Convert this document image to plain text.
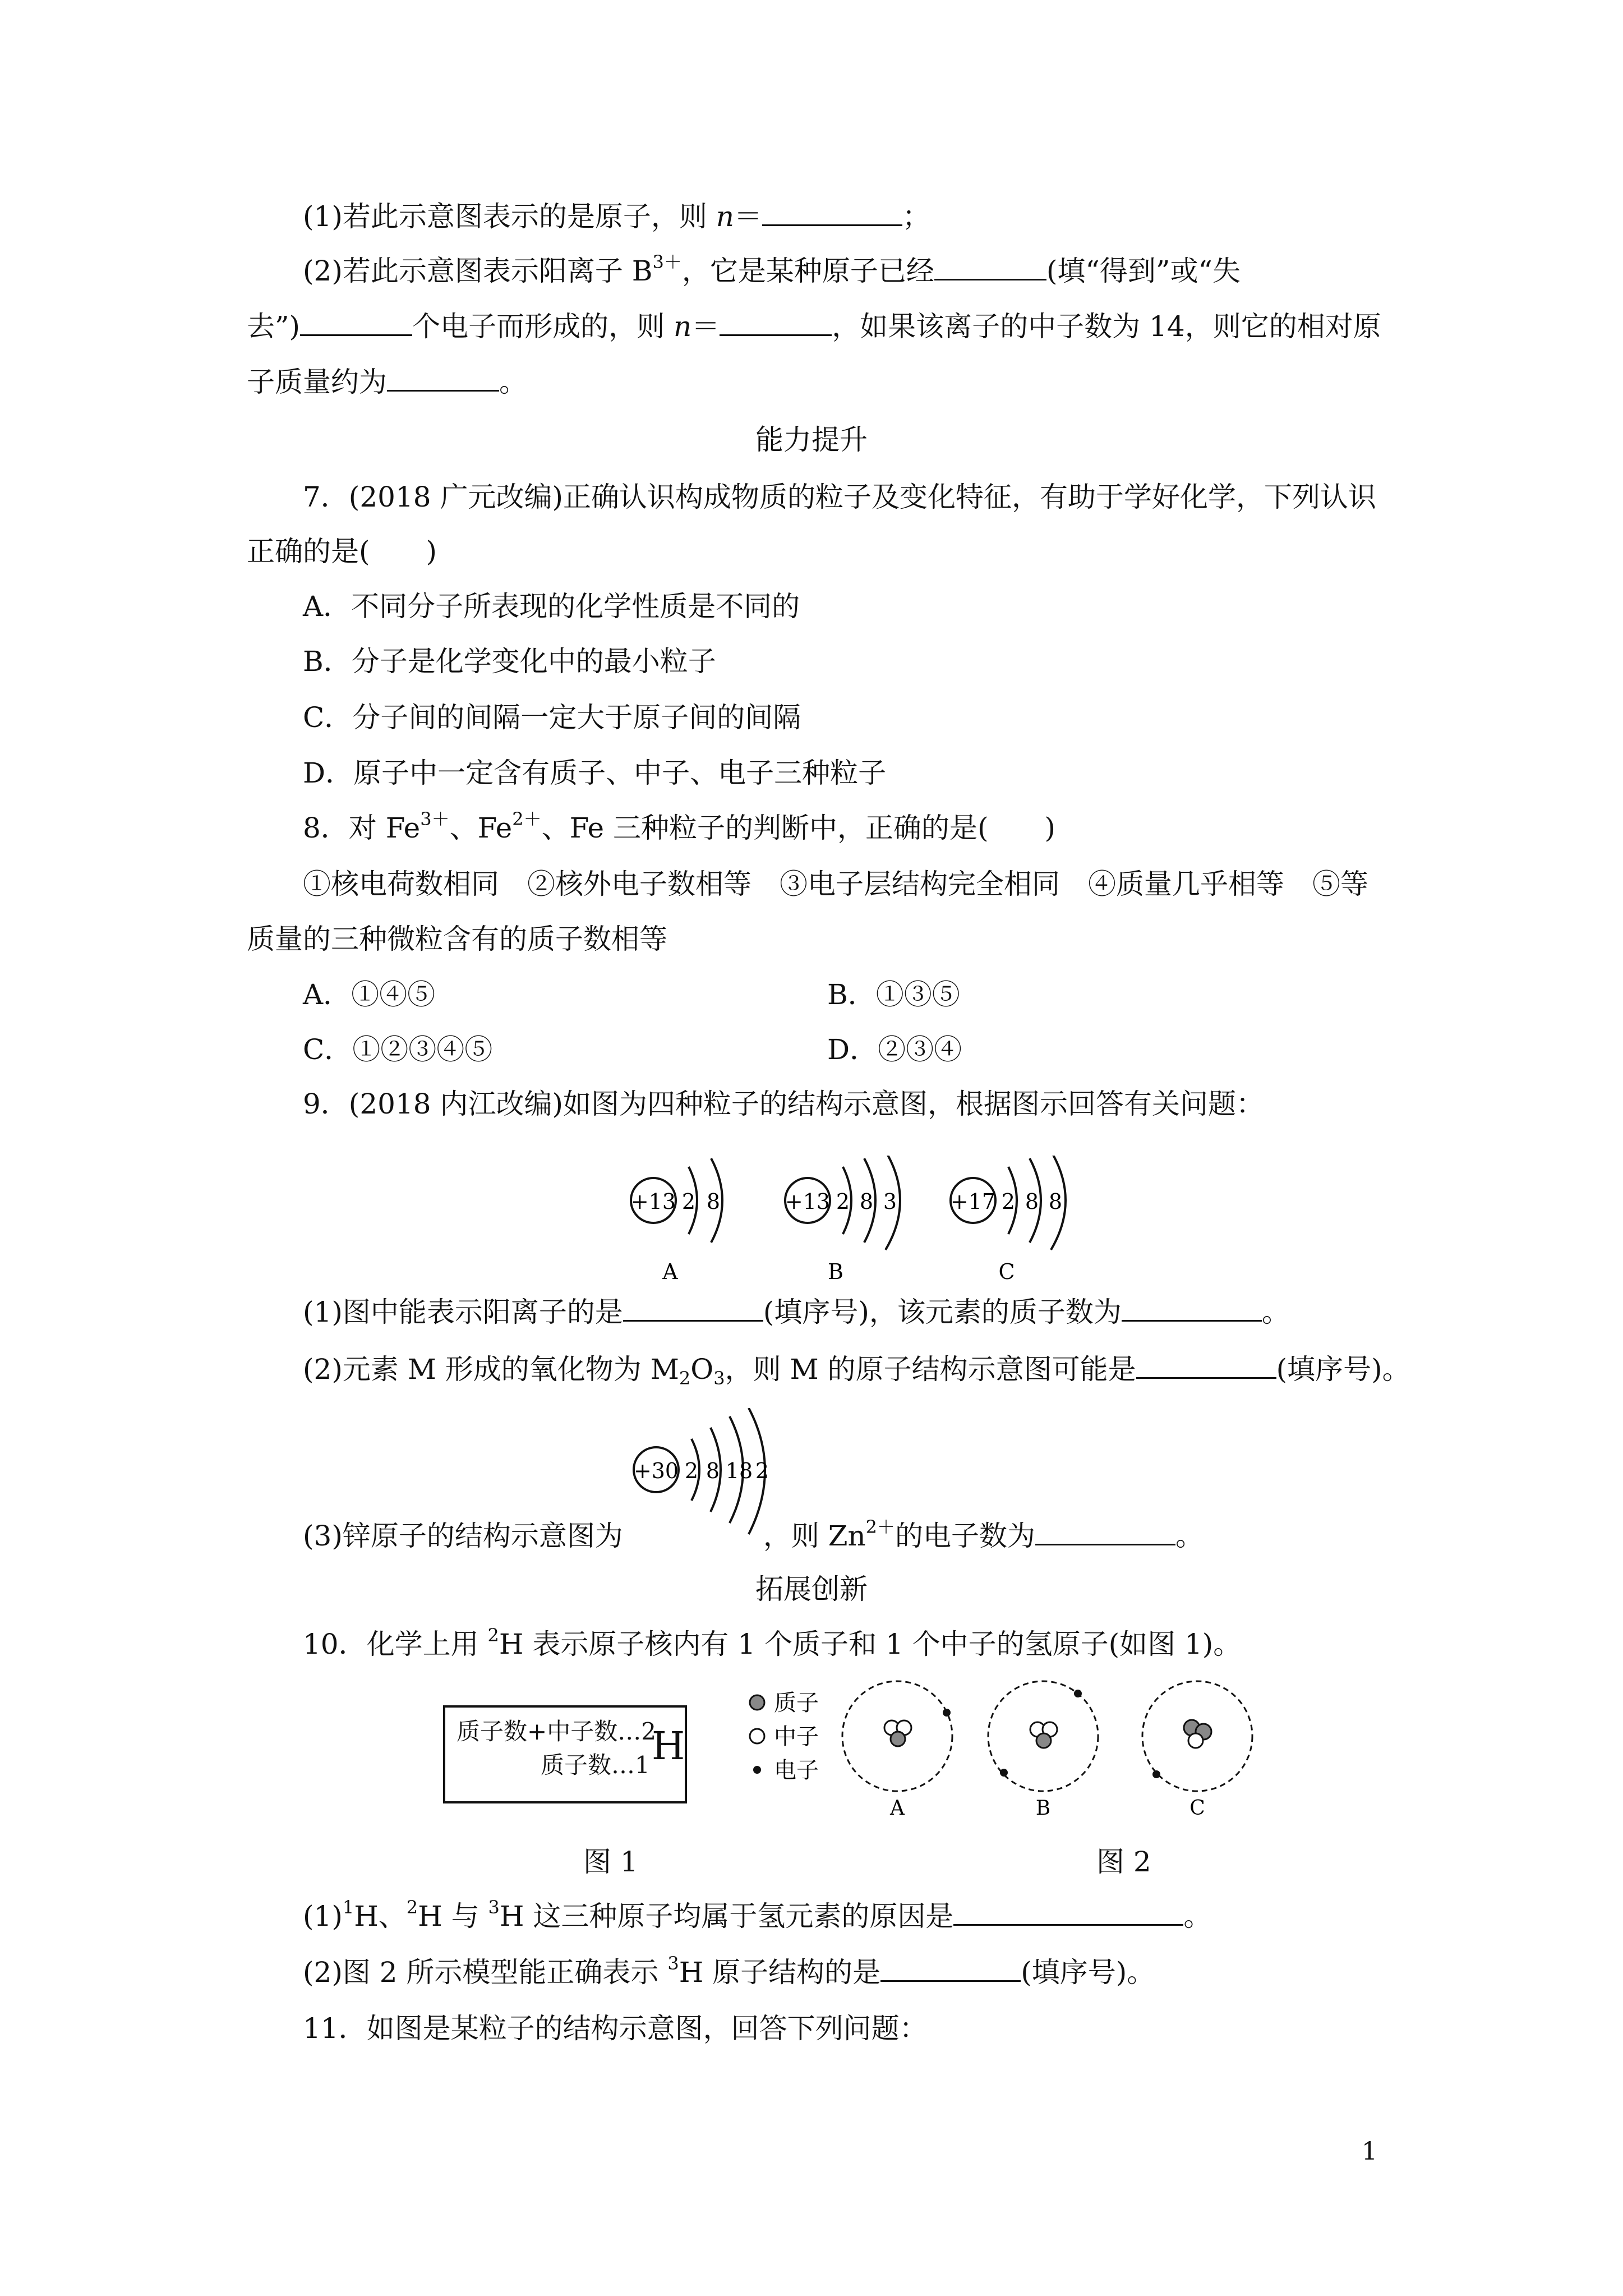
(1)若此示意图表示的是原子，则 n＝	；
(2)若此示意图表示阳离子 $B^{3+}$，它是某种原子已经	(填“得到”或“失
去”)	个电子而形成的，则 n＝	，如果该离子的中子数为 14，则它的相对原
子质量约为	。
能力提升
7．(2018 广元改编)正确认识构成物质的粒子及变化特征，有助于学好化学，下列认识
正确的是(　　)
A．不同分子所表现的化学性质是不同的
B．分子是化学变化中的最小粒子
C．分子间的间隔一定大于原子间的间隔
D．原子中一定含有质子、中子、电子三种粒子
8．对 $Fe^{3+}$、$Fe^{2+}$、Fe 三种粒子的判断中，正确的是(　　)
①核电荷数相同　②核外电子数相等　③电子层结构完全相同　④质量几乎相等　⑤等
质量的三种微粒含有的质子数相等
A．①④⑤	B．①③⑤
C．①②③④⑤	D．②③④
9．(2018 内江改编)如图为四种粒子的结构示意图，根据图示回答有关问题：
+13 2 8
A
+13 2 8 3
B
+17 2 8 8
C
(1)图中能表示阳离子的是	(填序号)，该元素的质子数为	。
(2)元素 M 形成的氧化物为 $M_2O_3$，则 M 的原子结构示意图可能是	(填序号)。
+30 2 8 18 2
(3)锌原子的结构示意图为	，则 $Zn^{2+}$的电子数为	。
拓展创新
10．化学上用 $^2$H 表示原子核内有 1 个质子和 1 个中子的氢原子(如图 1)。
质子数+中子数…2
质子数…1 H
质子
中子
电子
A	B	C
图 1	图 2
$(1)^1H$、$^2$H 与 $^3$H 这三种原子均属于氢元素的原因是	。
(2)图 2 所示模型能正确表示 $^3$H 原子结构的是	(填序号)。
11．如图是某粒子的结构示意图，回答下列问题：
1
